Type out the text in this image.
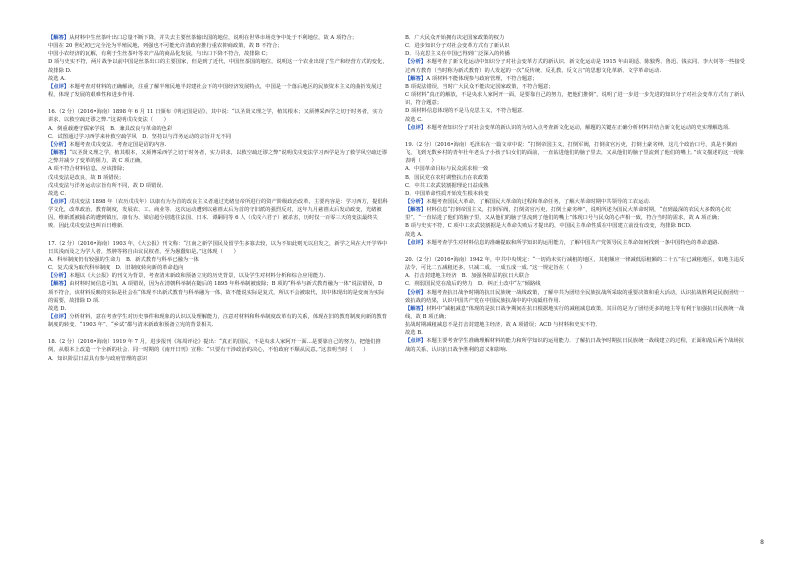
【解答】从材料中生丝茶叶出口总量不断下降，并失去主要丝茶输出国的地位，说明在世界市场竞争中处于不利地位，故 A 项符合；

中国在 20 世纪初已完全沦为半殖民地，列强也不可能允许清政府推行重农抑商政策，故 B 不符合；

中国小农经济的瓦解，有利于生丝茶叶等农产品的商品化发展，与出口下降不符合，故排除 C；

D 项与史实不符，两片战争以前中国是丝茶出口的主要国家，但是到了近代，中国丝茶国的地位，说明这一个农业出现了生产和经营方式的变化，故排除 D.

故选 A.

【点评】本题考查对材料的正确解读，注重了解半殖民地半封建社会下的中国经济发展特点，中国是一个落后地区的民族资本主义的曲折发展过程，体现了发展的艰难性和进步作用.

16.（2 分）（2016•海南）1898 年 6 月 11 日颁布《明定国是诏》，其中说：“以圣贤义理之学，植其根本；又须博采西学之切于时务者，实力讲求，以救空疏迂谬之弊.”这说明戊戌变法（　　）

A．倒重载遵守儒家学说　B．兼具改良与革命的色彩

C．试图通过学习西学来补救空疏学风　D．坚持以与洋务运动的宗旨并无不同

【分析】本题考查戊戌变法．考查定国是诏的内容.

【解答】“以圣贤义理之学，植其根本，又须博采西学之切于时务者，实力讲求，以救空疏迂谬之弊”说明戊戌变法学习西学是为了救学风空疏迂谬之弊并减少了变革的阻力，故 C 项正确，

A 项不符合材料信息，应该排除；

戊戌变法是改良，故 B 项错误；

戊戌变法与洋务运动宗旨有所不同，故 D 项错误．

故选 C．

【点评】戊戌变法 1898 年（农历戊戌年）以康有为为首的改良主义者通过光绪皇帝所进行的资产阶级政治改革，主要内容是：学习西方，提倡科学文化，改革政治、教育制度，发展农、工、商业等．这次运动遭到以慈禧太后为首的守旧派的强烈反对，这年九月慈禧太后发动政变，光绪被囚，维新派被捕杀的遭到镇压，康有为、梁启超分别逃往法国、日本．谭嗣同等 6 人（戊戌六君子）被杀害，历时仅一百零三天的变法最终失败．因此戊戌变法也叫百日维新．

17.（2 分）（2016•海南）1903 年，《大公报》刊文称：“江南之新学国民及留学生多寡去较，以为不如此则无以启发之，新学之风在大开学界中日其浅而及之为学人者，然肿等将自由议民权者，至为愚蠢如是。”这体现（　　）

A．科举制度仍有较强的生命力　B．新式教育与科举已融为一体

C．复式成为取代科举制度　D．旧制度转向新的革命趋向

【分析】本题以《大公报》的刊文为背景，考查清末新政和预备立宪的历史背景，以及学生对材料分析和综合应用能力.

【解答】由材料时间信息可知，A 项错误，因为在清朝科举制在随后的 1895 年科举制被废除；B 项的“科举与新式教育融为一体”说法错误，D 项不符合，该材料反映的实际是社会在“体现不出新式教育与科举融为一体，故不能说实际是复式，所以不会被取代，其中体现出的是变而为实际的需要，故排除 D 项.

故选 D.

【点评】分析材料，意在考查学生对历史事件和现象的认识以及理解能力，注意对材料和科举制度改革有的关系，体现在旧的教育制度向新的教育制度的转变．“1903 年”、“乡试”都与清末新政和预备立宪的背景相关.

18.（2 分）（2016•海南）1919 年 7 月，进步报刊《每周评论》提出：“真正的国民，不是央求人家阿开一面…是要靠自己的努力，把他们推倒，从根本上改造一个全新的社会．同一时期的《南开日刊》宣称：“只要有干涉政治的决心，不怕政府不顺从民意。”这表明当时（　　）

A．知识阶层日益具有参与政府管理的意识

B．广大民众开始拥有决定国家政策的权力

C．进步知识分子对社会变革方式有了新认识

D．马克思主义在中国已得到广泛深入的传播

【分析】本题考查了新文化运动中知识分子对社会变革方式的新认识．新文化运动是 1915 年由胡适、陈独秀、鲁迅、钱玄同、李大钊等一些接受过西方教育（当时称为新式教育）的人发起的一次“反传统、反孔教、反文言”的思想文化革新、文学革命运动.

【解答】A 项材料不能体现参与政府管理，不符合题意；

B 项说法错误，当时广大民众不能决定国家政策，不符合题意；

C 项材料“真正的解放，不是央求人家阿开一面，是要靠自己的努力，把他们推倒”，说明了进一步进一步先进的知识分子对社会变革方式有了新认识，符合题意；

D 项材料信息体现的不是马克思主义，不符合题意．

故选 C.

【点评】本题考查知识分子对社会变革的新认识的为切入点考查新文化运动，解题的关键在正确分析材料并结合新文化运动的史实理解选项.

19.（2 分）（2016•海南）毛泽东在一篇文章中说：“打倒帝国主义，打倒军阀，打倒贪官污吏，打倒土豪劣绅，这几个政治口号，真是不翼而飞，飞到无数乡村的青年壮年老头子小孩子妇女们的面前，一直钻进他们的脑子里去，又从他们的脑子里流到了他们的嘴上．”该文描述的这一现象表明（　　）

A．中国革命目标与民众需求相一致

B．国民党在农村调整抗击在农政策

C．中共工农武装割据理论日益成熟

D．中国革命性质开始发生根本转变

【分析】本题考查国民大革命，了解国民大革命的过程和革命任务，了解大革命时期中共领导的工农运动.

【解答】材料信息“打倒帝国主义，打倒军阀，打倒贪官污吏，打倒土豪劣绅”，说明所述为国民大革命时期，“直到最深的农民大多数的心坎里”，“一直钻进了他们的脑子里，又从他们的脑子里流到了他们的嘴上”体现口号与民众的心声相一致，符合当时的需求，故 A 项正确；

B 项与史实不符，C 项中工农武装割据是大革命失败后才提出的，中国民主革命性质在中国建立前没有改变，均排除 BCD．

故选 A.

【点评】本题考查学生对材料信息的准确提取和所学知识的运用能力，了解中国共产党领导民主革命如何找到一条中国特色的革命道路.

20.（2 分）（2016•海南）1942 年，中共中央规定：“一切尚未实行减租的地区，其租额应一律减低原租额的二十五”在已减租地区，如地主违反法令，可比二五减租还多，只减二成、一成五成一成．”这一规定旨在（　　）

A．打击封建地主经济　B．加强各阶层的抗日大联合

C．削弱国民党在敌后的势力　D．纠正土改中“左”倾路线

【分析】本题考查抗日战争时期的抗日民族统一战线政策，了解中共为团结全民族抗战所采取的重要决策和重大活动，认识抗战胜利是民族团结一致抗战的结果，认识中国共产党在中国民族抗战中的中流砥柱作用.

【解答】材料中“减租减息”体现的是抗日战争期间在抗日根据地实行的减租减息政策，其目的是为了团结更多的地主等有利于加强抗日民族统一战线，故 B 项正确；

抗战时期减租减息不是打击封建地主经济，故 A 项错误；ACD 与材料和史实不符．

故选 B.

【点评】本题主要考查学生准确理解材料的能力和所学知识的运用能力．了解抗日战争时期抗日民族统一战线建立的过程，正面和敌后两个战场抗战的关系，认识抗日战争胜利的意义和影响.

8
